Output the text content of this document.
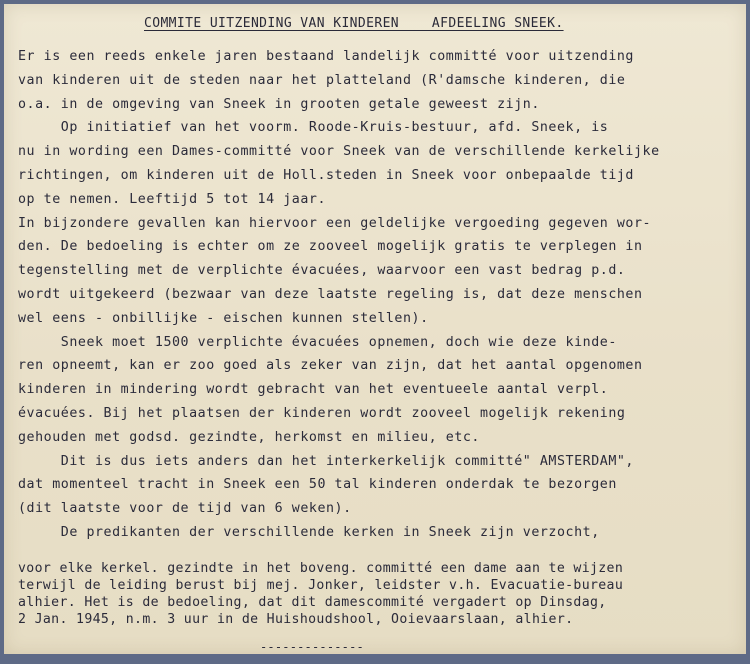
COMMITE UITZENDING VAN KINDEREN    AFDEELING SNEEK.
Er is een reeds enkele jaren bestaand landelijk committé voor uitzending
van kinderen uit de steden naar het platteland (R'damsche kinderen, die
o.a. in de omgeving van Sneek in grooten getale geweest zijn.
Op initiatief van het voorm. Roode-Kruis-bestuur, afd. Sneek, is
nu in wording een Dames-committé voor Sneek van de verschillende kerkelijke
richtingen, om kinderen uit de Holl.steden in Sneek voor onbepaalde tijd
op te nemen. Leeftijd 5 tot 14 jaar.
In bijzondere gevallen kan hiervoor een geldelijke vergoeding gegeven wor-
den. De bedoeling is echter om ze zooveel mogelijk gratis te verplegen in
tegenstelling met de verplichte évacuées, waarvoor een vast bedrag p.d.
wordt uitgekeerd (bezwaar van deze laatste regeling is, dat deze menschen
wel eens - onbillijke - eischen kunnen stellen).
Sneek moet 1500 verplichte évacuées opnemen, doch wie deze kinde-
ren opneemt, kan er zoo goed als zeker van zijn, dat het aantal opgenomen
kinderen in mindering wordt gebracht van het eventueele aantal verpl.
évacuées. Bij het plaatsen der kinderen wordt zooveel mogelijk rekening
gehouden met godsd. gezindte, herkomst en milieu, etc.
Dit is dus iets anders dan het interkerkelijk committé" AMSTERDAM",
dat momenteel tracht in Sneek een 50 tal kinderen onderdak te bezorgen
(dit laatste voor de tijd van 6 weken).
De predikanten der verschillende kerken in Sneek zijn verzocht,
voor elke kerkel. gezindte in het boveng. committé een dame aan te wijzen
terwijl de leiding berust bij mej. Jonker, leidster v.h. Evacuatie-bureau
alhier. Het is de bedoeling, dat dit damescommité vergadert op Dinsdag,
2 Jan. 1945, n.m. 3 uur in de Huishoudshool, Ooievaarslaan, alhier.
--------------
